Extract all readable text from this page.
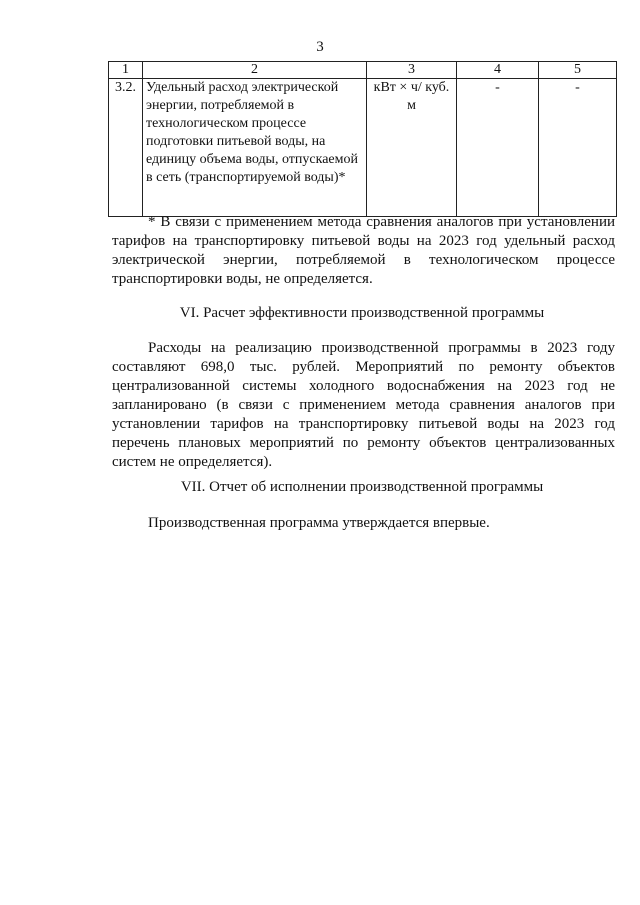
3
1	2	3	4	5
3.2.	Удельный расход электрической энергии, потребляемой в технологическом процессе подготовки питьевой воды, на единицу объема воды, отпускаемой в сеть (транспортируемой воды)*	кВт × ч/ куб. м	-	-

* В связи с применением метода сравнения аналогов при установлении тарифов на транспортировку питьевой воды на 2023 год удельный расход электрической энергии, потребляемой в технологическом процессе транспортировки воды, не определяется.

VI. Расчет эффективности производственной программы

Расходы на реализацию производственной программы в 2023 году составляют 698,0 тыс. рублей. Мероприятий по ремонту объектов централизованной системы холодного водоснабжения на 2023 год не запланировано (в связи с применением метода сравнения аналогов при установлении тарифов на транспортировку питьевой воды на 2023 год перечень плановых мероприятий по ремонту объектов централизованных систем не определяется).

VII. Отчет об исполнении производственной программы

Производственная программа утверждается впервые.
